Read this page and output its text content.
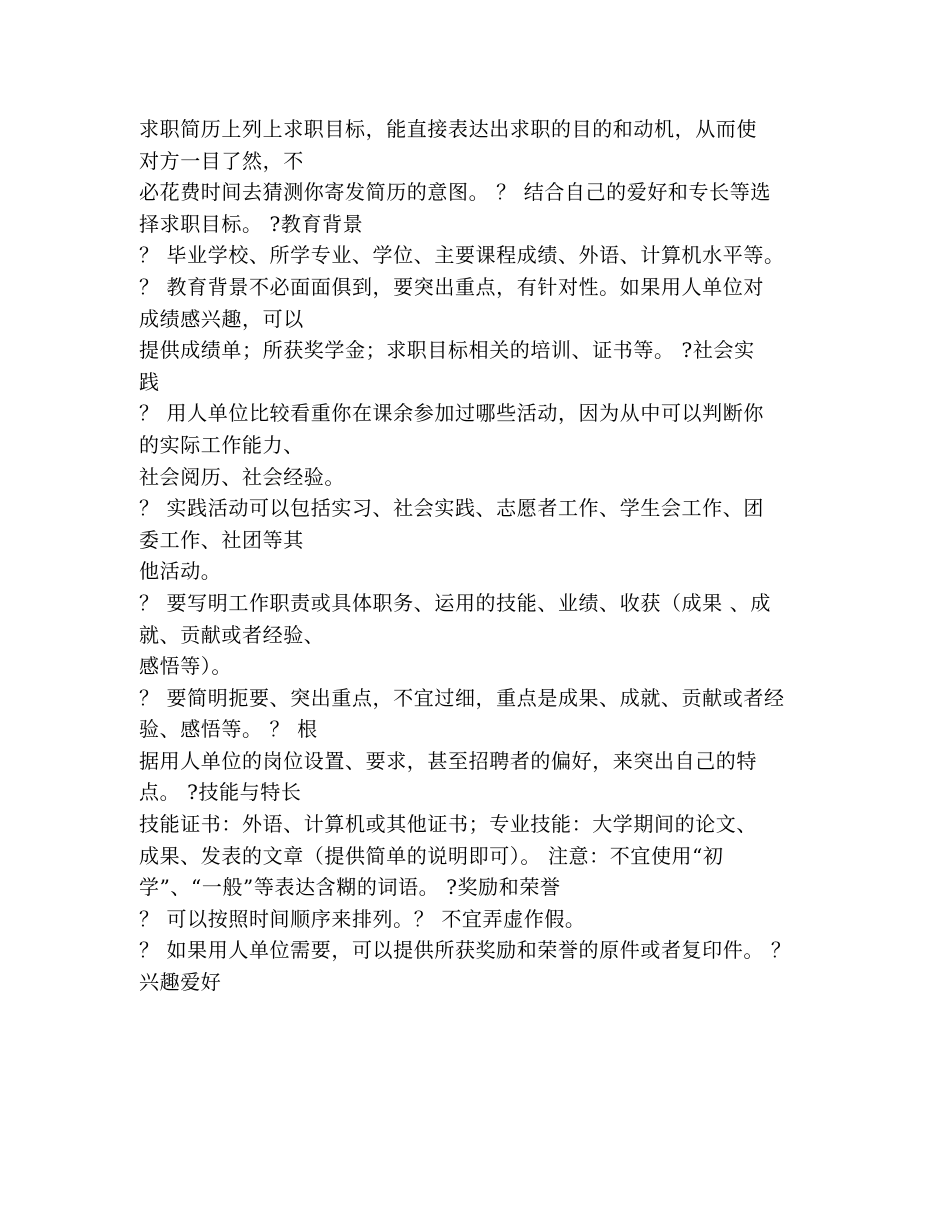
求职简历上列上求职目标，能直接表达出求职的目的和动机，从而使
对方一目了然，不
必花费时间去猜测你寄发简历的意图。 ？ 结合自己的爱好和专长等选
择求职目标。 ?教育背景
？ 毕业学校、所学专业、学位、主要课程成绩、外语、计算机水平等。
？ 教育背景不必面面俱到，要突出重点，有针对性。如果用人单位对
成绩感兴趣，可以
提供成绩单；所获奖学金；求职目标相关的培训、证书等。 ?社会实
践
？ 用人单位比较看重你在课余参加过哪些活动，因为从中可以判断你
的实际工作能力、
社会阅历、社会经验。
？ 实践活动可以包括实习、社会实践、志愿者工作、学生会工作、团
委工作、社团等其
他活动。
？ 要写明工作职责或具体职务、运用的技能、业绩、收获（成果 、成
就、贡献或者经验、
感悟等）。
？ 要简明扼要、突出重点，不宜过细，重点是成果、成就、贡献或者经
验、感悟等。 ？ 根
据用人单位的岗位设置、要求，甚至招聘者的偏好，来突出自己的特
点。 ?技能与特长
技能证书：外语、计算机或其他证书；专业技能：大学期间的论文、
成果、发表的文章（提供简单的说明即可）。 注意：不宜使用“初
学”、“一般”等表达含糊的词语。 ?奖励和荣誉
？ 可以按照时间顺序来排列。？ 不宜弄虚作假。
？ 如果用人单位需要，可以提供所获奖励和荣誉的原件或者复印件。 ？
兴趣爱好
